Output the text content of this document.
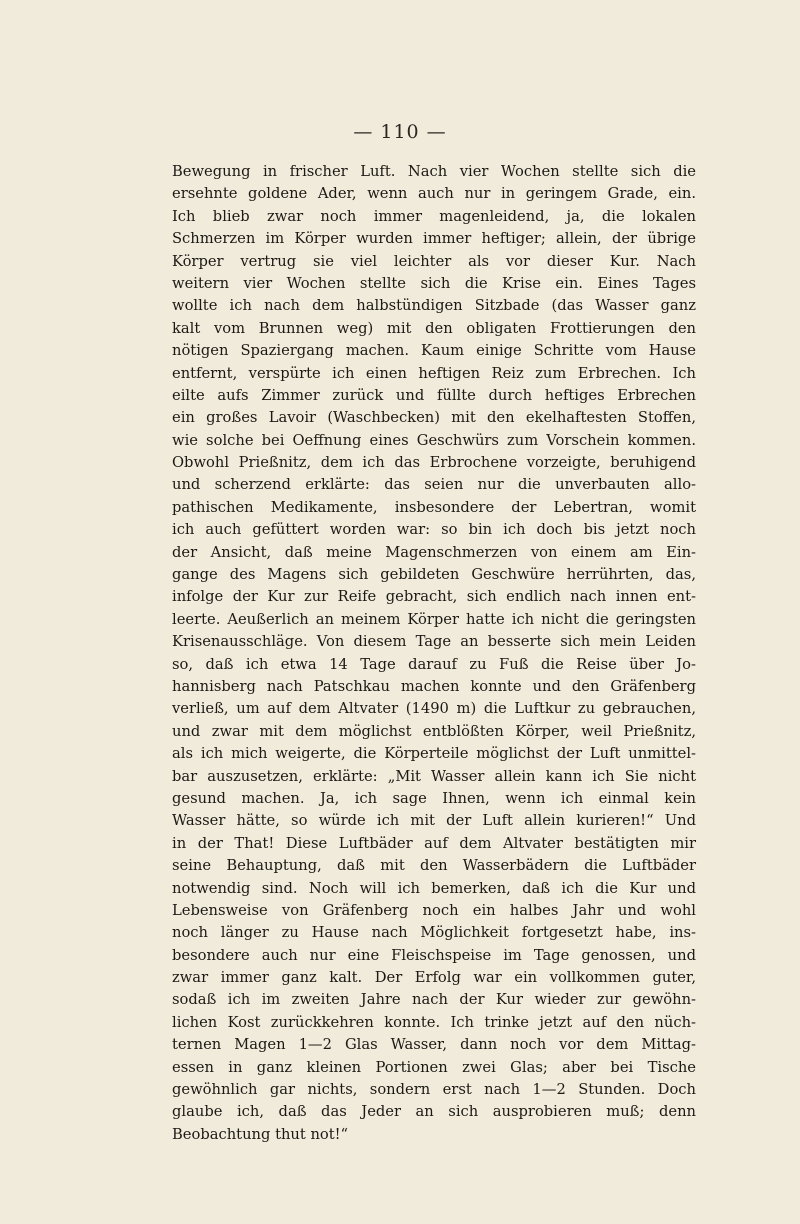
— 110 —
Bewegung in frischer Luft. Nach vier Wochen stellte sich die
ersehnte goldene Ader, wenn auch nur in geringem Grade, ein.
Ich blieb zwar noch immer magenleidend, ja, die lokalen
Schmerzen im Körper wurden immer heftiger; allein, der übrige
Körper vertrug sie viel leichter als vor dieser Kur. Nach
weitern vier Wochen stellte sich die Krise ein. Eines Tages
wollte ich nach dem halbstündigen Sitzbade (das Wasser ganz
kalt vom Brunnen weg) mit den obligaten Frottierungen den
nötigen Spaziergang machen. Kaum einige Schritte vom Hause
entfernt, verspürte ich einen heftigen Reiz zum Erbrechen. Ich
eilte aufs Zimmer zurück und füllte durch heftiges Erbrechen
ein großes Lavoir (Waschbecken) mit den ekelhaftesten Stoffen,
wie solche bei Oeffnung eines Geschwürs zum Vorschein kommen.
Obwohl Prießnitz, dem ich das Erbrochene vorzeigte, beruhigend
und scherzend erklärte: das seien nur die unverbauten allo-
pathischen Medikamente, insbesondere der Lebertran, womit
ich auch gefüttert worden war: so bin ich doch bis jetzt noch
der Ansicht, daß meine Magenschmerzen von einem am Ein-
gange des Magens sich gebildeten Geschwüre herrührten, das,
infolge der Kur zur Reife gebracht, sich endlich nach innen ent-
leerte. Aeußerlich an meinem Körper hatte ich nicht die geringsten
Krisenausschläge. Von diesem Tage an besserte sich mein Leiden
so, daß ich etwa 14 Tage darauf zu Fuß die Reise über Jo-
hannisberg nach Patschkau machen konnte und den Gräfenberg
verließ, um auf dem Altvater (1490 m) die Luftkur zu gebrauchen,
und zwar mit dem möglichst entblößten Körper, weil Prießnitz,
als ich mich weigerte, die Körperteile möglichst der Luft unmittel-
bar auszusetzen, erklärte: „Mit Wasser allein kann ich Sie nicht
gesund machen. Ja, ich sage Ihnen, wenn ich einmal kein
Wasser hätte, so würde ich mit der Luft allein kurieren!“ Und
in der That! Diese Luftbäder auf dem Altvater bestätigten mir
seine Behauptung, daß mit den Wasserbädern die Luftbäder
notwendig sind. Noch will ich bemerken, daß ich die Kur und
Lebensweise von Gräfenberg noch ein halbes Jahr und wohl
noch länger zu Hause nach Möglichkeit fortgesetzt habe, ins-
besondere auch nur eine Fleischspeise im Tage genossen, und
zwar immer ganz kalt. Der Erfolg war ein vollkommen guter,
sodaß ich im zweiten Jahre nach der Kur wieder zur gewöhn-
lichen Kost zurückkehren konnte. Ich trinke jetzt auf den nüch-
ternen Magen 1—2 Glas Wasser, dann noch vor dem Mittag-
essen in ganz kleinen Portionen zwei Glas; aber bei Tische
gewöhnlich gar nichts, sondern erst nach 1—2 Stunden. Doch
glaube ich, daß das Jeder an sich ausprobieren muß; denn
Beobachtung thut not!“
